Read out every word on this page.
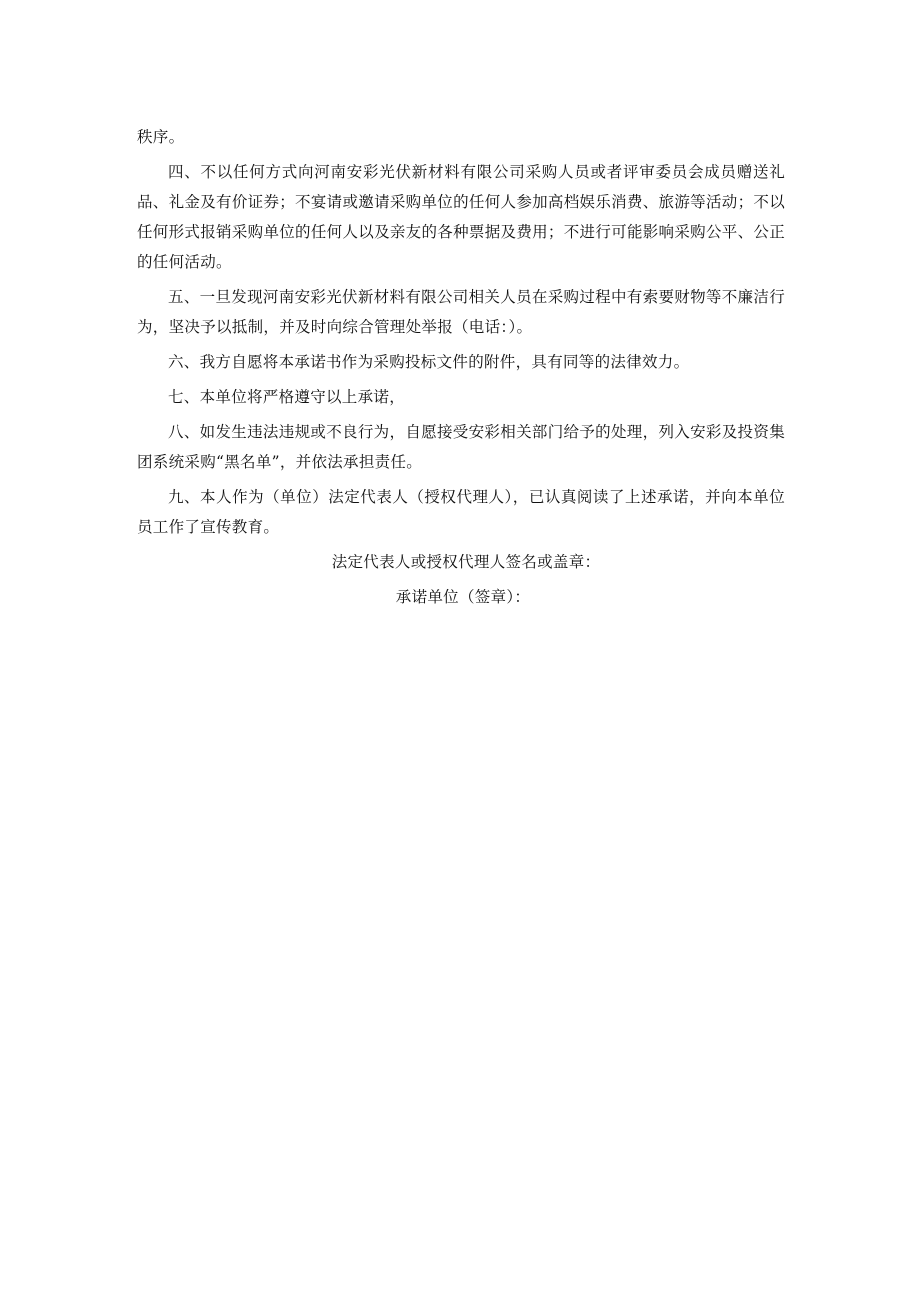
秩序。

四、不以任何方式向河南安彩光伏新材料有限公司采购人员或者评审委员会成员赠送礼品、礼金及有价证券；不宴请或邀请采购单位的任何人参加高档娱乐消费、旅游等活动；不以任何形式报销采购单位的任何人以及亲友的各种票据及费用；不进行可能影响采购公平、公正的任何活动。

五、一旦发现河南安彩光伏新材料有限公司相关人员在采购过程中有索要财物等不廉洁行为，坚决予以抵制，并及时向综合管理处举报（电话：）。

六、我方自愿将本承诺书作为采购投标文件的附件，具有同等的法律效力。

七、本单位将严格遵守以上承诺，

八、如发生违法违规或不良行为，自愿接受安彩相关部门给予的处理，列入安彩及投资集团系统采购“黑名单”，并依法承担责任。

九、本人作为（单位）法定代表人（授权代理人），已认真阅读了上述承诺，并向本单位员工作了宣传教育。

法定代表人或授权代理人签名或盖章：

承诺单位（签章）：
